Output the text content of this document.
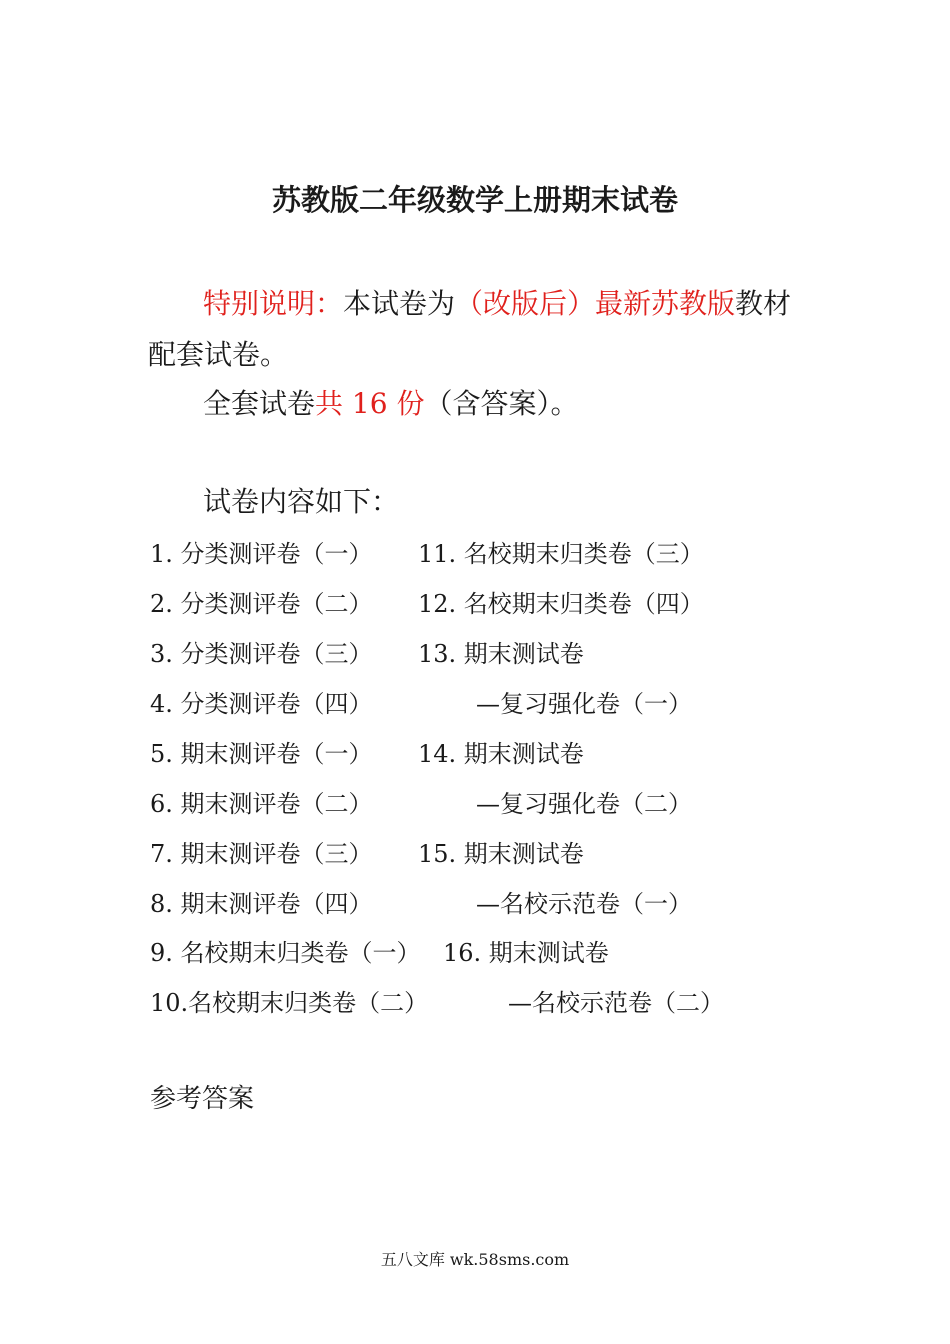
苏教版二年级数学上册期末试卷
特别说明：本试卷为（改版后）最新苏教版教材
配套试卷。
全套试卷共 16 份（含答案）。
试卷内容如下：
1. 分类测评卷（一）
2. 分类测评卷（二）
3. 分类测评卷（三）
4. 分类测评卷（四）
5. 期末测评卷（一）
6. 期末测评卷（二）
7. 期末测评卷（三）
8. 期末测评卷（四）
9. 名校期末归类卷（一）
10.名校期末归类卷（二）
11. 名校期末归类卷（三）
12. 名校期末归类卷（四）
13. 期末测试卷
—复习强化卷（一）
14. 期末测试卷
—复习强化卷（二）
15. 期末测试卷
—名校示范卷（一）
16. 期末测试卷
—名校示范卷（二）
参考答案
五八文库 wk.58sms.com
